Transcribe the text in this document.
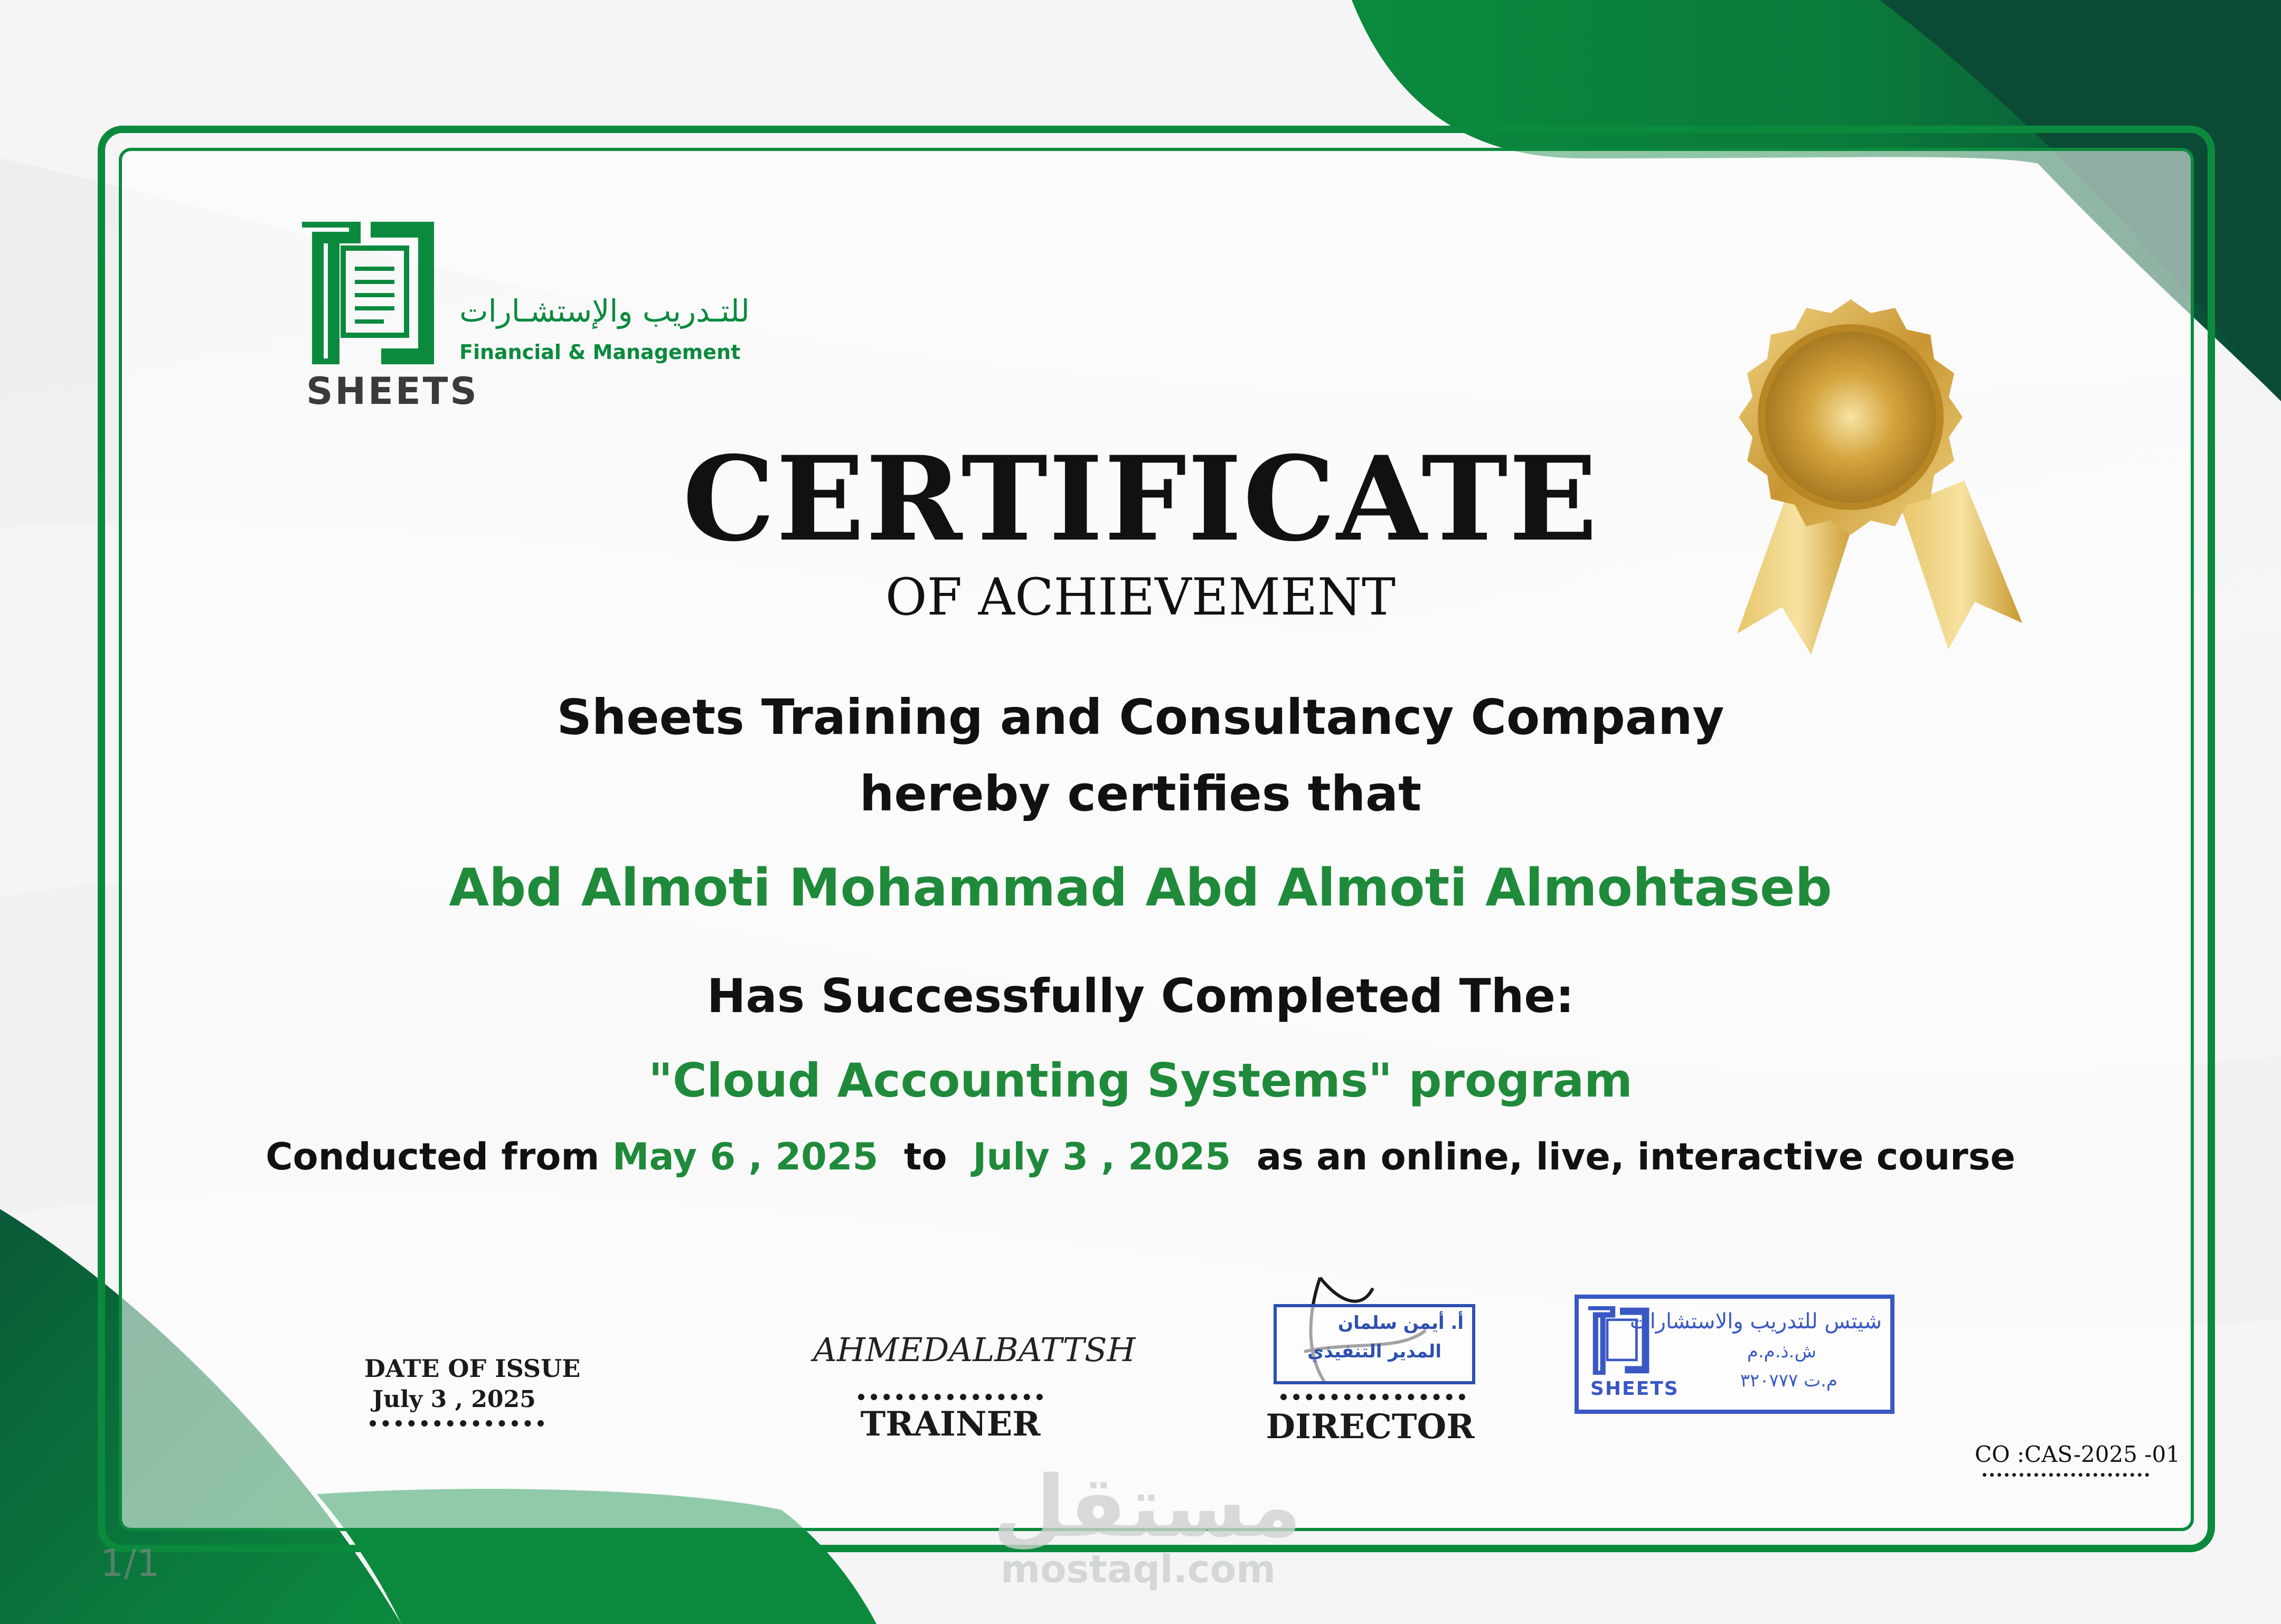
SHEETS
للتـدريب والإستشـارات
Financial & Management
CERTIFICATE
OF ACHIEVEMENT
Sheets Training and Consultancy Company
hereby certifies that
Abd Almoti Mohammad Abd Almoti Almohtaseb
Has Successfully Completed The:
"Cloud Accounting Systems" program
Conducted from May 6 , 2025 to July 3 , 2025 as an online, live, interactive course
DATE OF ISSUE
July 3 , 2025
AHMEDALBATTSH
TRAINER
أ. أيمن سلمان
المدير التنفيذي
DIRECTOR
SHEETS
شيتس للتدريب والاستشارات
ش.ذ.م.م
م.ت ٣٢٠٧٧٧
CO :CAS-2025 -01
مستقل
mostaql.com
1/1
